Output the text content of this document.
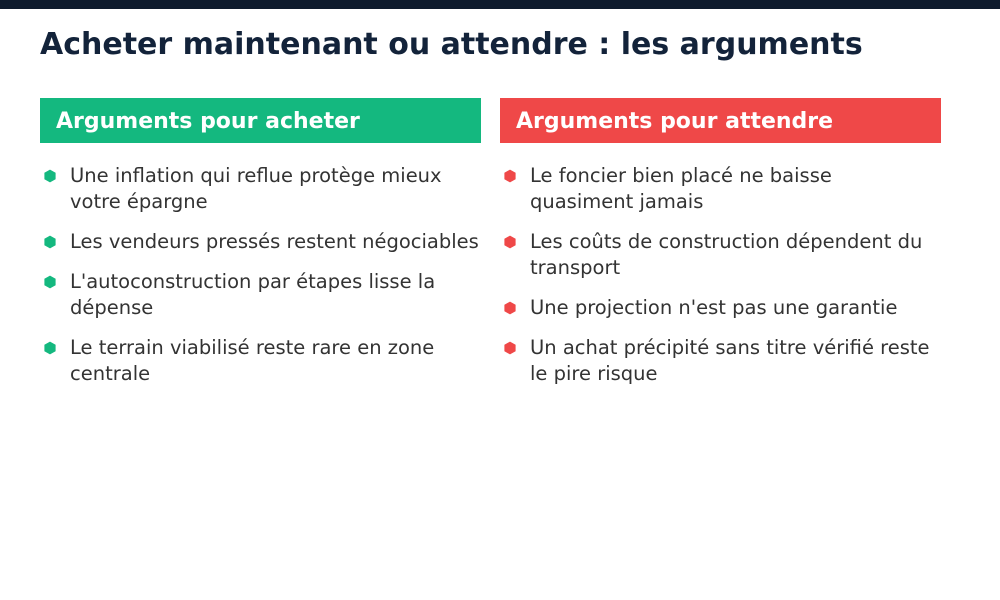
Acheter maintenant ou attendre : les arguments
Arguments pour acheter
Une inflation qui reflue protège mieux votre épargne
Les vendeurs pressés restent négociables
L'autoconstruction par étapes lisse la dépense
Le terrain viabilisé reste rare en zone centrale
Arguments pour attendre
Le foncier bien placé ne baisse quasiment jamais
Les coûts de construction dépendent du transport
Une projection n'est pas une garantie
Un achat précipité sans titre vérifié reste le pire risque
